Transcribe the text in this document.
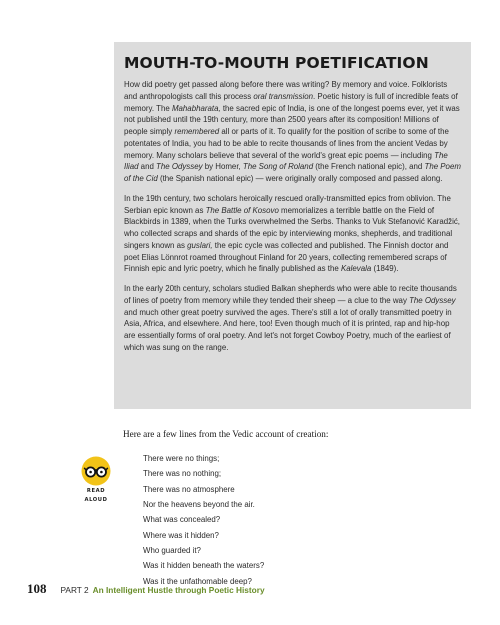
MOUTH-TO-MOUTH POETIFICATION

How did poetry get passed along before there was writing? By memory and voice. Folklorists and anthropologists call this process oral transmission. Poetic history is full of incredible feats of memory. The Mahabharata, the sacred epic of India, is one of the longest poems ever, yet it was not published until the 19th century, more than 2500 years after its composition! Millions of people simply remembered all or parts of it. To qualify for the position of scribe to some of the potentates of India, you had to be able to recite thousands of lines from the ancient Vedas by memory. Many scholars believe that several of the world's great epic poems — including The Iliad and The Odyssey by Homer, The Song of Roland (the French national epic), and The Poem of the Cid (the Spanish national epic) — were originally orally composed and passed along.

In the 19th century, two scholars heroically rescued orally-transmitted epics from oblivion. The Serbian epic known as The Battle of Kosovo memorializes a terrible battle on the Field of Blackbirds in 1389, when the Turks overwhelmed the Serbs. Thanks to Vuk Stefanović Karadžić, who collected scraps and shards of the epic by interviewing monks, shepherds, and traditional singers known as guslari, the epic cycle was collected and published. The Finnish doctor and poet Elias Lönnrot roamed throughout Finland for 20 years, collecting remembered scraps of Finnish epic and lyric poetry, which he finally published as the Kalevala (1849).

In the early 20th century, scholars studied Balkan shepherds who were able to recite thousands of lines of poetry from memory while they tended their sheep — a clue to the way The Odyssey and much other great poetry survived the ages. There's still a lot of orally transmitted poetry in Asia, Africa, and elsewhere. And here, too! Even though much of it is printed, rap and hip-hop are essentially forms of oral poetry. And let's not forget Cowboy Poetry, much of the earliest of which was sung on the range.

Here are a few lines from the Vedic account of creation:

READ
ALOUD
There were no things;
There was no nothing;
There was no atmosphere
Nor the heavens beyond the air.
What was concealed?
Where was it hidden?
Who guarded it?
Was it hidden beneath the waters?
Was it the unfathomable deep?
108 PART 2 An Intelligent Hustle through Poetic History
